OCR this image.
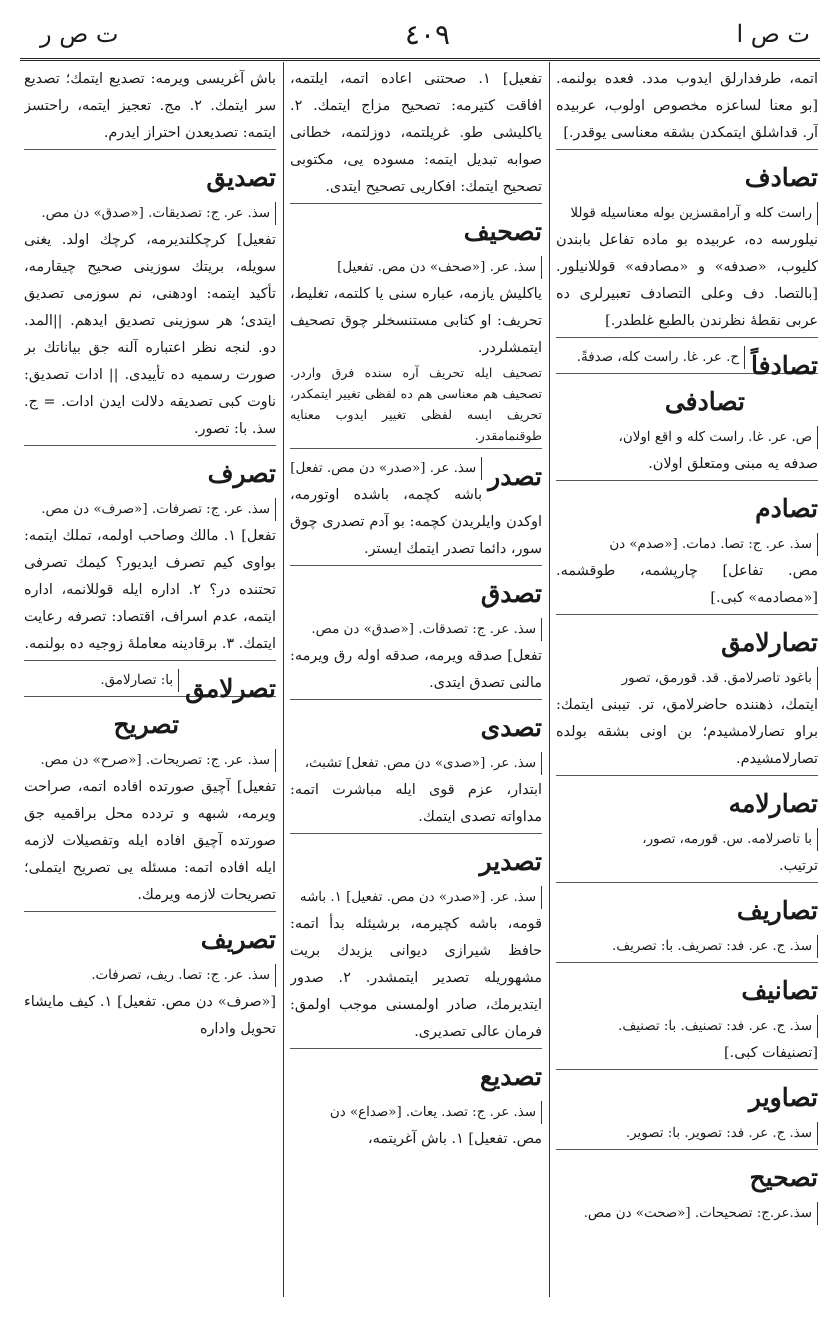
ت ص ا
٤٠٩
ت ص ر
اتمه، طرفدارلق ایدوب مدد. فعده بولنمه. [بو معنا لساعزه مخصوص اولوب، عربیده آر. قداشلق ایتمکدن بشقه معناسی یوقدر.]
تصادف
راست کله و آرامقسزین بوله معناسیله قوللا
نیلورسه ده، عربیده بو ماده تفاعل بابندن کلیوب، «صدفه» و «مصادفه» قوللانیلور. [بالتصا. دف وعلی التصادف تعبیرلری ده عربی نقطهٔ نظرندن بالطبع غلطدر.]
تصادفاً
ح. عر. غا. راست کله، صدفةً.
تصادفی
ص. عر. غا. راست کله و اقع اولان،
صدفه یه مبنی ومتعلق اولان.
تصادم
سذ. عر. ج: تصا. دمات. [«صدم» دن
مص. تفاعل] چارپشمه، طوقشمه. [«مصادمه» کبی.]
تصارلامق
باغود تاصرلامق. قد. قورمق، تصور
ایتمك، ذهننده حاضرلامق، تر. تیبنی ایتمك: براو تصارلامشیدم؛ بن اونی بشقه بولده تصارلامشیدم.
تصارلامه
با تاصرلامه. س. قورمه، تصور،
ترتیب.
تصاریف
سذ. ج. عر. فد: تصریف. با: تصریف.
تصانیف
سذ. ج. عر. فد: تصنیف. با: تصنیف.
[تصنیفات کبی.]
تصاویر
سذ. ج. عر. فد: تصویر. با: تصویر.
تصحیح
سذ.عر.ج: تصحیحات. [«صحت» دن مص.
تفعیل] ١. صحتنی اعاده اتمه، ایلتمه، افاقت کتیرمه: تصحیح مزاج ایتمك. ٢. یاکلیشی طو. غریلتمه، دوزلتمه، خطانی صوابه تبدیل ایتمه: مسوده یی، مکتوبی تصحیح ایتمك: افکاریی تصحیح ایتدی.
تصحیف
سذ. عر. [«صحف» دن مص. تفعیل]
یاکلیش یازمه، عباره سنی یا کلتمه، تغلیط، تحریف: او کتابی مستنسخلر چوق تصحیف ایتمشلردر.
تصحیف ایله تحریف آره سنده فرق واردر. تصحیف هم معناسی هم ده لفظی تغییر ایتمکدر، تحریف ایسه لفظی تغییر ایدوب معنایه طوقنمامقدر.
تصدر
سذ. عر. [«صدر» دن مص. تفعل]
باشه کچمه، باشده اوتورمه، اوکدن وایلریدن کچمه: بو آدم تصدری چوق سور، دائما تصدر ایتمك ایستر.
تصدق
سذ. عر. ج: تصدقات. [«صدق» دن مص.
تفعل] صدقه ویرمه، صدقه اوله رق ویرمه: مالنی تصدق ایتدی.
تصدی
سذ. عر. [«صدی» دن مص. تفعل] تشبث،
ابتدار، عزم قوی ایله مباشرت اتمه: مداواته تصدی ایتمك.
تصدیر
سذ. عر. [«صدر» دن مص. تفعیل] ١. باشه
قومه، باشه کچیرمه، برشیئله بدأ اتمه: حافظ شیرازی دیوانی یزیدك بریت مشهوریله تصدیر ایتمشدر. ٢. صدور ایتدیرمك، صادر اولمسنی موجب اولمق: فرمان عالی تصدیری.
تصدیع
سذ. عر. ج: تصد. یعات. [«صداع» دن
مص. تفعیل] ١. باش آغریتمه،
باش آغریسی ویرمه: تصدیع ایتمك؛ تصدیع سر ایتمك. ٢. مج. تعجیز ایتمه، راحتسز ایتمه: تصدیعدن احتراز ایدرم.
تصدیق
سذ. عر. ج: تصدیقات. [«صدق» دن مص.
تفعیل] کرچکلندیرمه، کرچك اولد. یغنی سویله، بریتك سوزینی صحیح چیقارمه، تأکید ایتمه: اودهنی، نم سوزمی تصدیق ایتدی؛ هر سوزینی تصدیق ایدهم. ||المد. دو. لنجه نظر اعتباره آلنه جق بیاناتك بر صورت رسمیه ده تأییدی. || ادات تصدیق: ناوت کبی تصدیقه دلالت ایدن ادات. = ج. سذ. با: تصور.
تصرف
سذ. عر. ج: تصرفات. [«صرف» دن مص.
تفعل] ١. مالك وصاحب اولمه، تملك ایتمه: بواوی کیم تصرف ایدیور؟ کیمك تصرفی تحتنده در؟ ٢. اداره ایله قوللانمه، اداره ایتمه، عدم اسراف، اقتصاد: تصرفه رعایت ایتمك. ٣. برقادینه معاملهٔ زوجیه ده بولنمه.
تصرلامق
با: تصارلامق.
تصریح
سذ. عر. ج: تصریحات. [«صرح» دن مص.
تفعیل] آچیق صورتده افاده اتمه، صراحت ویرمه، شبهه و تردده محل براقمیه جق صورتده آچیق افاده ایله وتفصیلات لازمه ایله افاده اتمه: مسئله یی تصریح ایتملی؛ تصریحات لازمه ویرمك.
تصریف
سذ. عر. ج: تصا. ریف، تصرفات.
[«صرف» دن مص. تفعیل] ١. کیف مایشاء تحویل واداره
